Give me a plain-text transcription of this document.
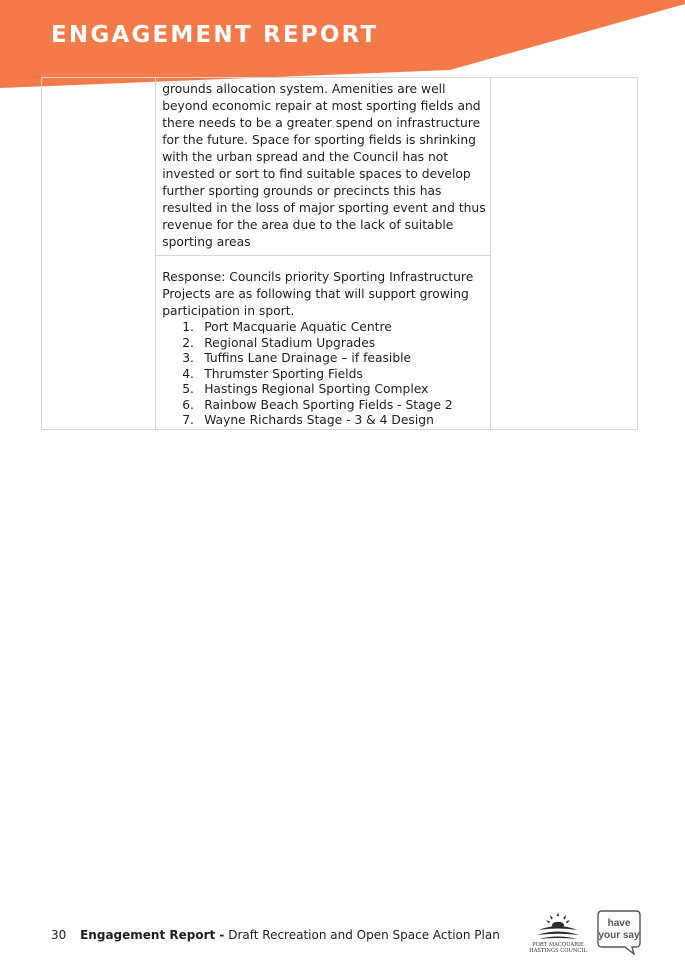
ENGAGEMENT REPORT

grounds allocation system. Amenities are well beyond economic repair at most sporting fields and there needs to be a greater spend on infrastructure for the future. Space for sporting fields is shrinking with the urban spread and the Council has not invested or sort to find suitable spaces to develop further sporting grounds or precincts this has resulted in the loss of major sporting event and thus revenue for the area due to the lack of suitable sporting areas
Response: Councils priority Sporting Infrastructure Projects are as following that will support growing participation in sport.
1. Port Macquarie Aquatic Centre
2. Regional Stadium Upgrades
3. Tuffins Lane Drainage – if feasible
4. Thrumster Sporting Fields
5. Hastings Regional Sporting Complex
6. Rainbow Beach Sporting Fields - Stage 2
7. Wayne Richards Stage - 3 & 4 Design

30 Engagement Report - Draft Recreation and Open Space Action Plan
PORT MACQUARIE
HASTINGS COUNCIL
have
your say
